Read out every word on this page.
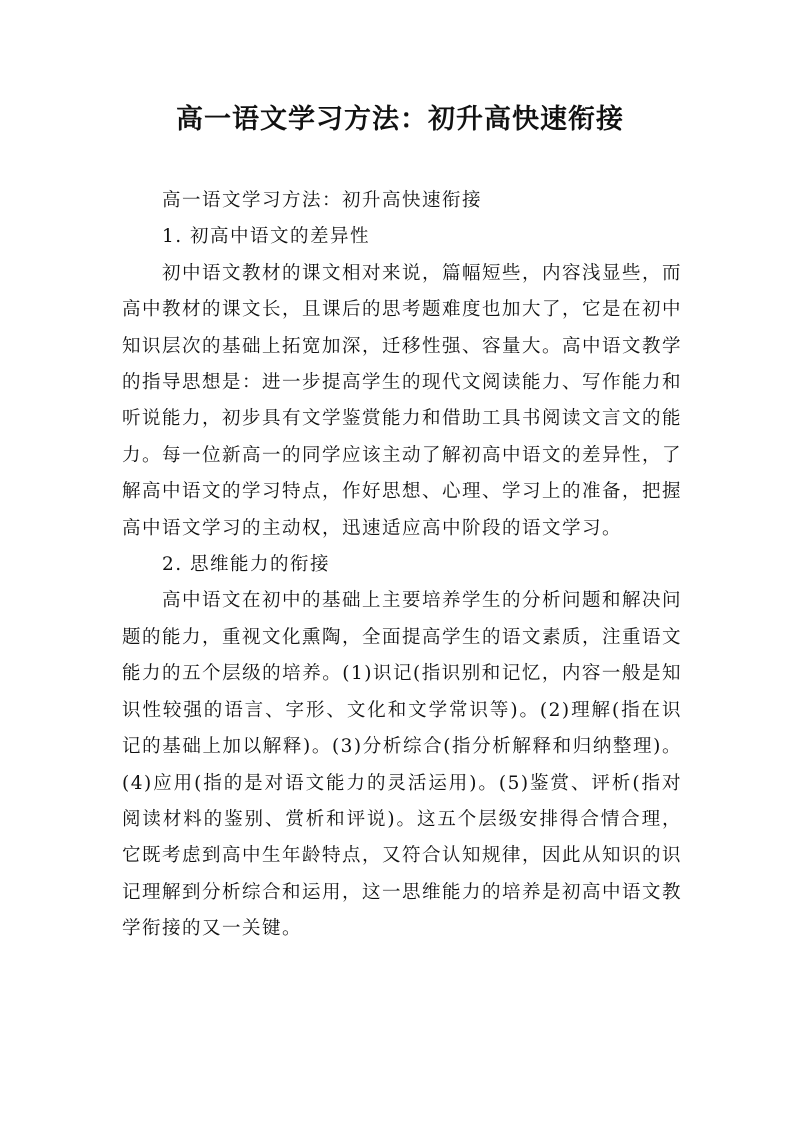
高一语文学习方法：初升高快速衔接

高一语文学习方法：初升高快速衔接

1. 初高中语文的差异性

初中语文教材的课文相对来说，篇幅短些，内容浅显些，而高中教材的课文长，且课后的思考题难度也加大了，它是在初中知识层次的基础上拓宽加深，迁移性强、容量大。高中语文教学的指导思想是：进一步提高学生的现代文阅读能力、写作能力和听说能力，初步具有文学鉴赏能力和借助工具书阅读文言文的能力。每一位新高一的同学应该主动了解初高中语文的差异性，了解高中语文的学习特点，作好思想、心理、学习上的准备，把握高中语文学习的主动权，迅速适应高中阶段的语文学习。

2. 思维能力的衔接

高中语文在初中的基础上主要培养学生的分析问题和解决问题的能力，重视文化熏陶，全面提高学生的语文素质，注重语文能力的五个层级的培养。(1)识记(指识别和记忆，内容一般是知识性较强的语言、字形、文化和文学常识等)。(2)理解(指在识记的基础上加以解释)。(3)分析综合(指分析解释和归纳整理)。(4)应用(指的是对语文能力的灵活运用)。(5)鉴赏、评析(指对阅读材料的鉴别、赏析和评说)。这五个层级安排得合情合理，它既考虑到高中生年龄特点，又符合认知规律，因此从知识的识记理解到分析综合和运用，这一思维能力的培养是初高中语文教学衔接的又一关键。
